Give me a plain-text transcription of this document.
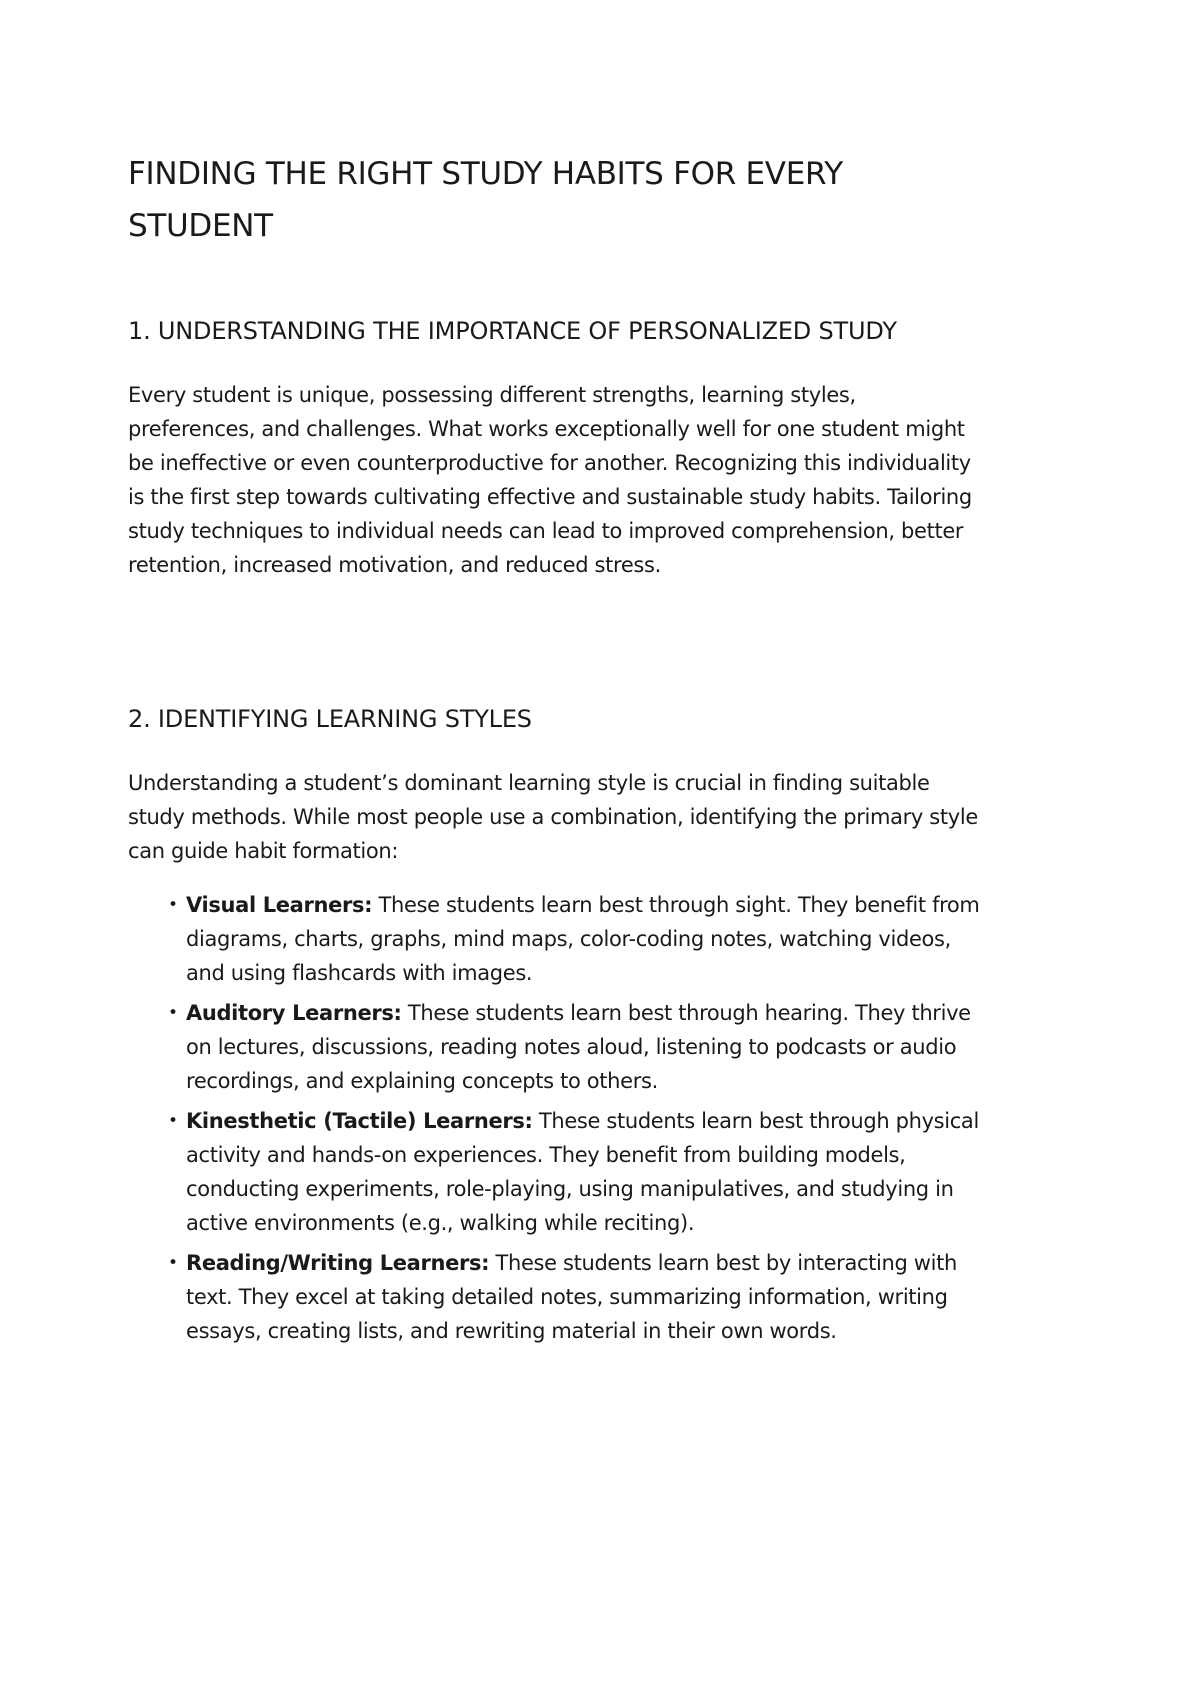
FINDING THE RIGHT STUDY HABITS FOR EVERY
STUDENT
1. UNDERSTANDING THE IMPORTANCE OF PERSONALIZED STUDY

Every student is unique, possessing different strengths, learning styles,
preferences, and challenges. What works exceptionally well for one student might
be ineffective or even counterproductive for another. Recognizing this individuality
is the first step towards cultivating effective and sustainable study habits. Tailoring
study techniques to individual needs can lead to improved comprehension, better
retention, increased motivation, and reduced stress.

2. IDENTIFYING LEARNING STYLES

Understanding a student’s dominant learning style is crucial in finding suitable
study methods. While most people use a combination, identifying the primary style
can guide habit formation:

• Visual Learners: These students learn best through sight. They benefit from
diagrams, charts, graphs, mind maps, color-coding notes, watching videos,
and using flashcards with images.
• Auditory Learners: These students learn best through hearing. They thrive
on lectures, discussions, reading notes aloud, listening to podcasts or audio
recordings, and explaining concepts to others.
• Kinesthetic (Tactile) Learners: These students learn best through physical
activity and hands-on experiences. They benefit from building models,
conducting experiments, role-playing, using manipulatives, and studying in
active environments (e.g., walking while reciting).
• Reading/Writing Learners: These students learn best by interacting with
text. They excel at taking detailed notes, summarizing information, writing
essays, creating lists, and rewriting material in their own words.
